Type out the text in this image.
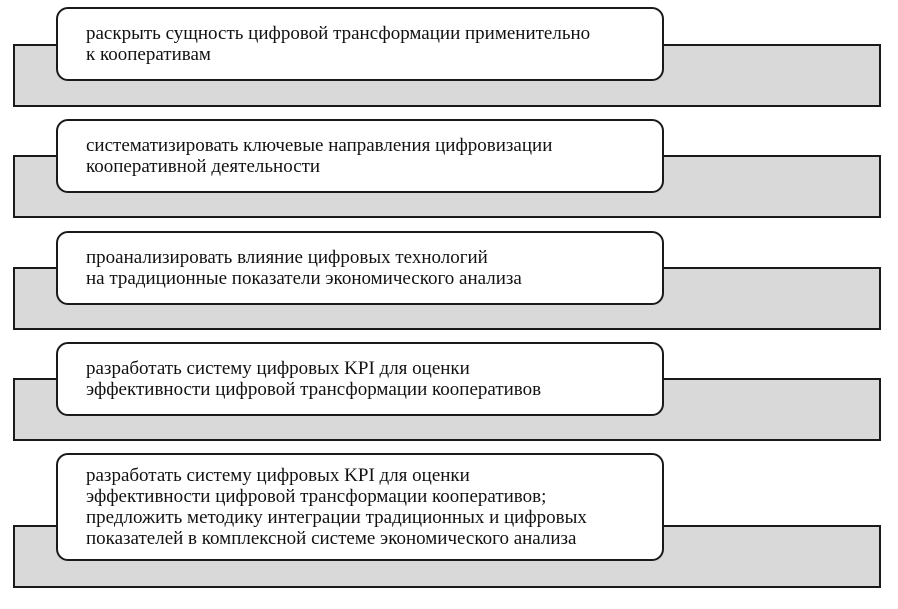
раскрыть сущность цифровой трансформации применительно
к кооперативам

систематизировать ключевые направления цифровизации
кооперативной деятельности

проанализировать влияние цифровых технологий
на традиционные показатели экономического анализа

разработать систему цифровых KPI для оценки
эффективности цифровой трансформации кооперативов

разработать систему цифровых KPI для оценки
эффективности цифровой трансформации кооперативов;
предложить методику интеграции традиционных и цифровых
показателей в комплексной системе экономического анализа
